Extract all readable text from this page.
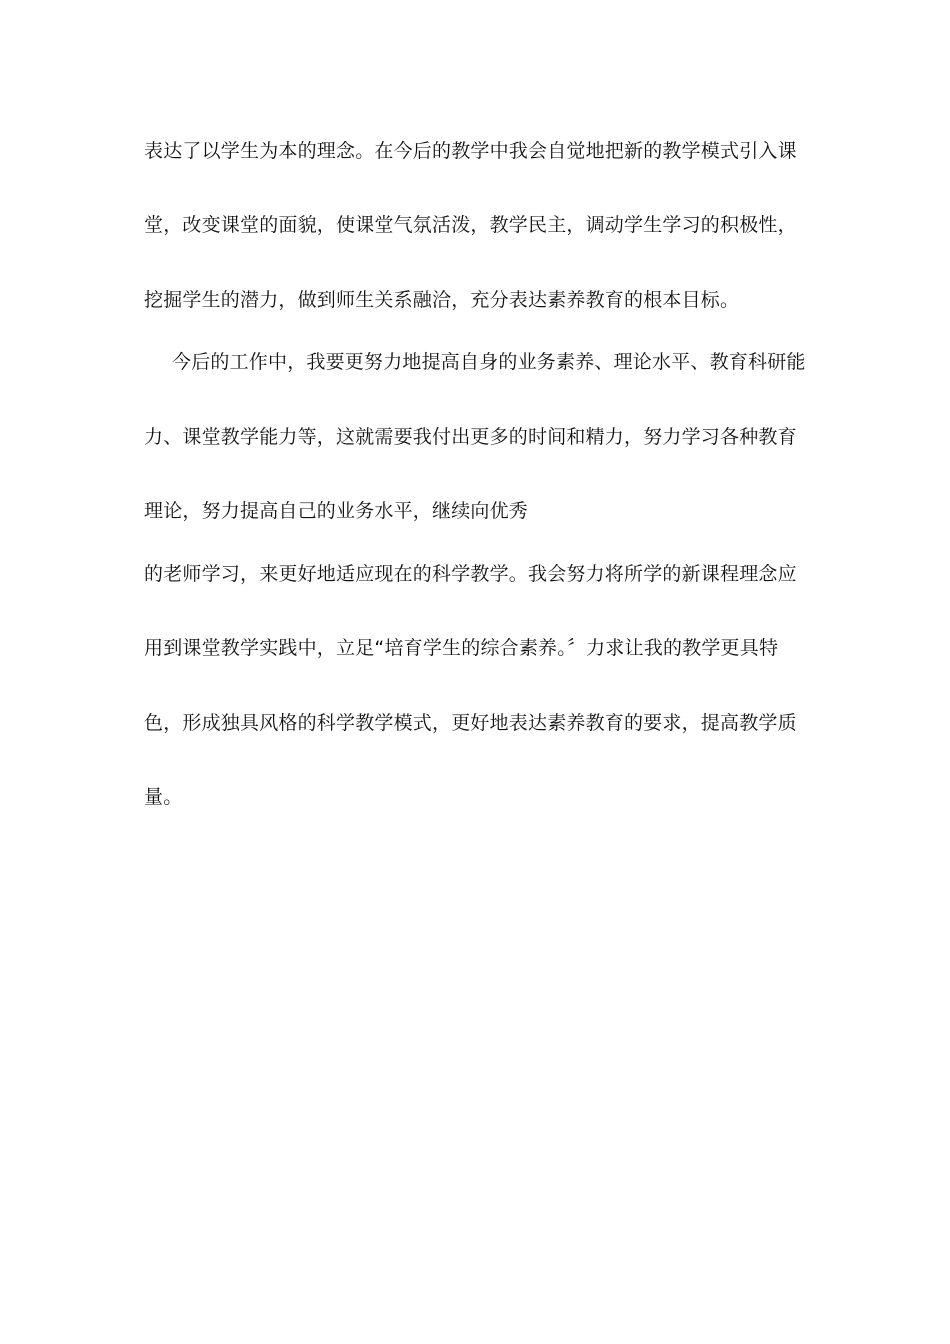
表达了以学生为本的理念。在今后的教学中我会自觉地把新的教学模式引入课
堂，改变课堂的面貌，使课堂气氛活泼，教学民主，调动学生学习的积极性，
挖掘学生的潜力，做到师生关系融洽，充分表达素养教育的根本目标。
今后的工作中，我要更努力地提高自身的业务素养、理论水平、教育科研能
力、课堂教学能力等，这就需要我付出更多的时间和精力，努力学习各种教育
理论，努力提高自己的业务水平，继续向优秀
的老师学习，来更好地适应现在的科学教学。我会努力将所学的新课程理念应
用到课堂教学实践中，立足“培育学生的综合素养。〞力求让我的教学更具特
色，形成独具风格的科学教学模式，更好地表达素养教育的要求，提高教学质
量。
